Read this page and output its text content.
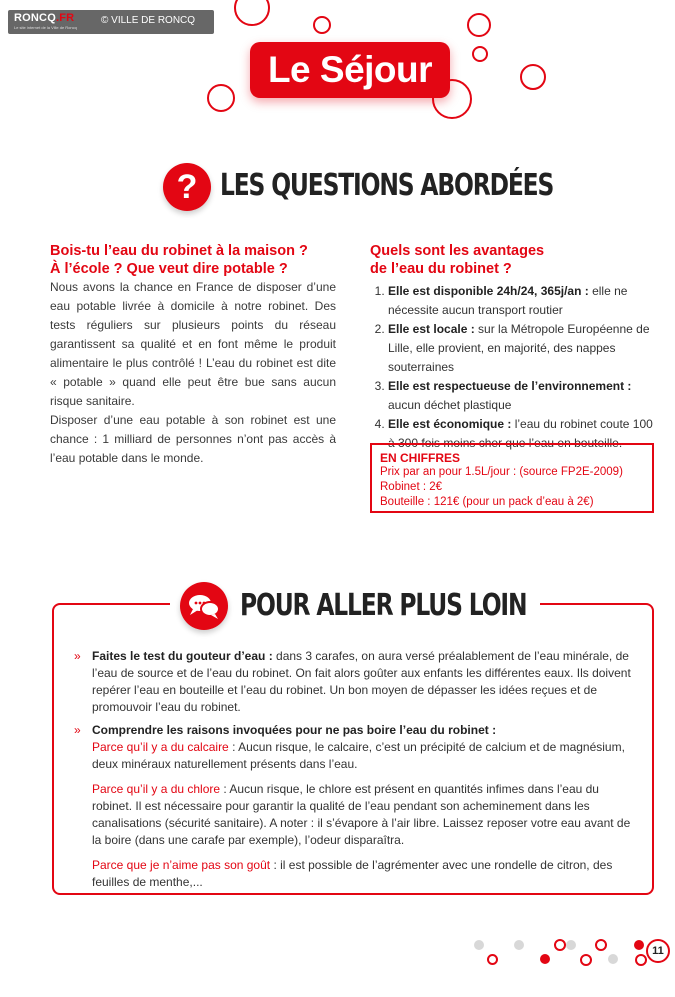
RONCQ.FR
Le site internet de la Ville de Roncq
© VILLE DE RONCQ
Le Séjour
? LES QUESTIONS ABORDÉES
Bois-tu l’eau du robinet à la maison ?
À l’école ? Que veut dire potable ?
Nous avons la chance en France de disposer d’une eau potable livrée à domicile à notre robinet. Des tests réguliers sur plusieurs points du réseau garantissent sa qualité et en font même le produit alimentaire le plus contrôlé ! L’eau du robinet est dite « potable » quand elle peut être bue sans aucun risque sanitaire.
Disposer d’une eau potable à son robinet est une chance : 1 milliard de personnes n’ont pas accès à l’eau potable dans le monde.
Quels sont les avantages
de l’eau du robinet ?
1. Elle est disponible 24h/24, 365j/an : elle ne nécessite aucun transport routier
2. Elle est locale : sur la Métropole Européenne de Lille, elle provient, en majorité, des nappes souterraines
3. Elle est respectueuse de l’environnement : aucun déchet plastique
4. Elle est économique : l’eau du robinet coute 100 à 300 fois moins cher que l’eau en bouteille.
EN CHIFFRES
Prix par an pour 1.5L/jour : (source FP2E-2009)
Robinet : 2€
Bouteille : 121€ (pour un pack d’eau à 2€)
POUR ALLER PLUS LOIN
» Faites le test du gouteur d’eau : dans 3 carafes, on aura versé préalablement de l’eau minérale, de l’eau de source et de l’eau du robinet. On fait alors goûter aux enfants les différentes eaux. Ils doivent repérer l’eau en bouteille et l’eau du robinet. Un bon moyen de dépasser les idées reçues et de promouvoir l’eau du robinet.
» Comprendre les raisons invoquées pour ne pas boire l’eau du robinet :
Parce qu’il y a du calcaire : Aucun risque, le calcaire, c’est un précipité de calcium et de magnésium, deux minéraux naturellement présents dans l’eau.
Parce qu’il y a du chlore : Aucun risque, le chlore est présent en quantités infimes dans l’eau du robinet. Il est nécessaire pour garantir la qualité de l’eau pendant son acheminement dans les canalisations (sécurité sanitaire). A noter : il s’évapore à l’air libre. Laissez reposer votre eau avant de la boire (dans une carafe par exemple), l’odeur disparaîtra.
Parce que je n’aime pas son goût : il est possible de l’agrémenter avec une rondelle de citron, des feuilles de menthe,...
11
